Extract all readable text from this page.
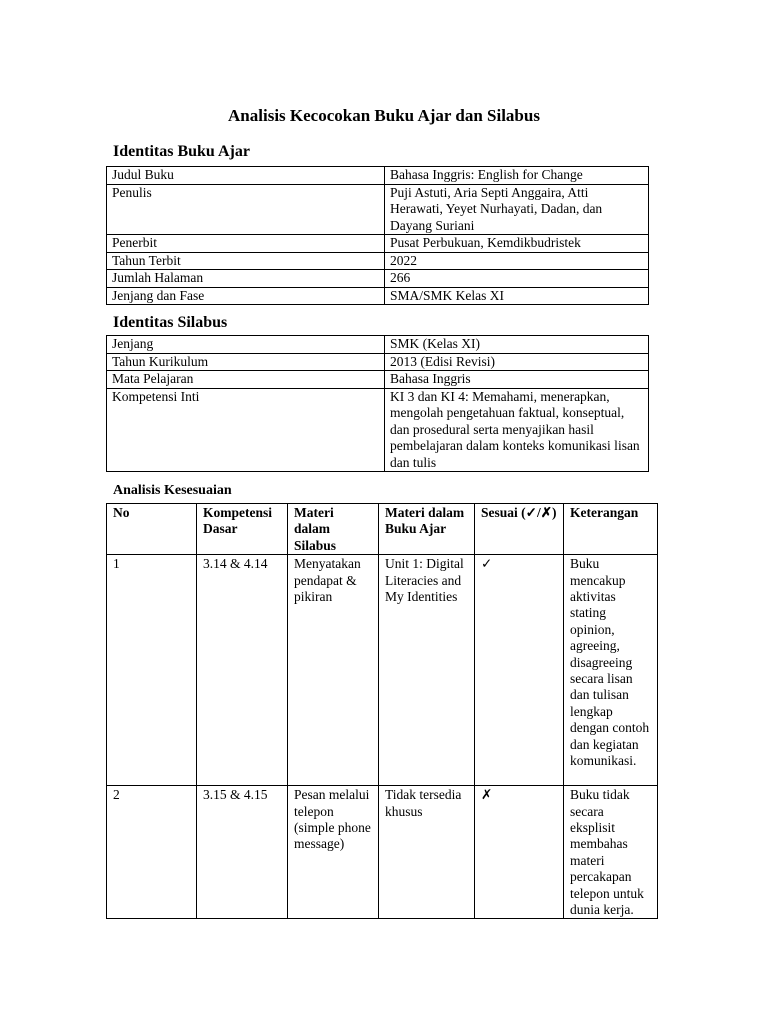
Analisis Kecocokan Buku Ajar dan Silabus
Identitas Buku Ajar
Judul Buku	Bahasa Inggris: English for Change
Penulis	Puji Astuti, Aria Septi Anggaira, Atti Herawati, Yeyet Nurhayati, Dadan, dan Dayang Suriani
Penerbit	Pusat Perbukuan, Kemdikbudristek
Tahun Terbit	2022
Jumlah Halaman	266
Jenjang dan Fase	SMA/SMK Kelas XI
Identitas Silabus
Jenjang	SMK (Kelas XI)
Tahun Kurikulum	2013 (Edisi Revisi)
Mata Pelajaran	Bahasa Inggris
Kompetensi Inti	KI 3 dan KI 4: Memahami, menerapkan, mengolah pengetahuan faktual, konseptual, dan prosedural serta menyajikan hasil pembelajaran dalam konteks komunikasi lisan dan tulis
Analisis Kesesuaian
No	Kompetensi Dasar	Materi dalam Silabus	Materi dalam Buku Ajar	Sesuai (✓/✗)	Keterangan
1	3.14 & 4.14	Menyatakan pendapat & pikiran	Unit 1: Digital Literacies and My Identities	✓	Buku mencakup aktivitas stating opinion, agreeing, disagreeing secara lisan dan tulisan lengkap dengan contoh dan kegiatan komunikasi.
2	3.15 & 4.15	Pesan melalui telepon (simple phone message)	Tidak tersedia khusus	✗	Buku tidak secara eksplisit membahas materi percakapan telepon untuk dunia kerja.
